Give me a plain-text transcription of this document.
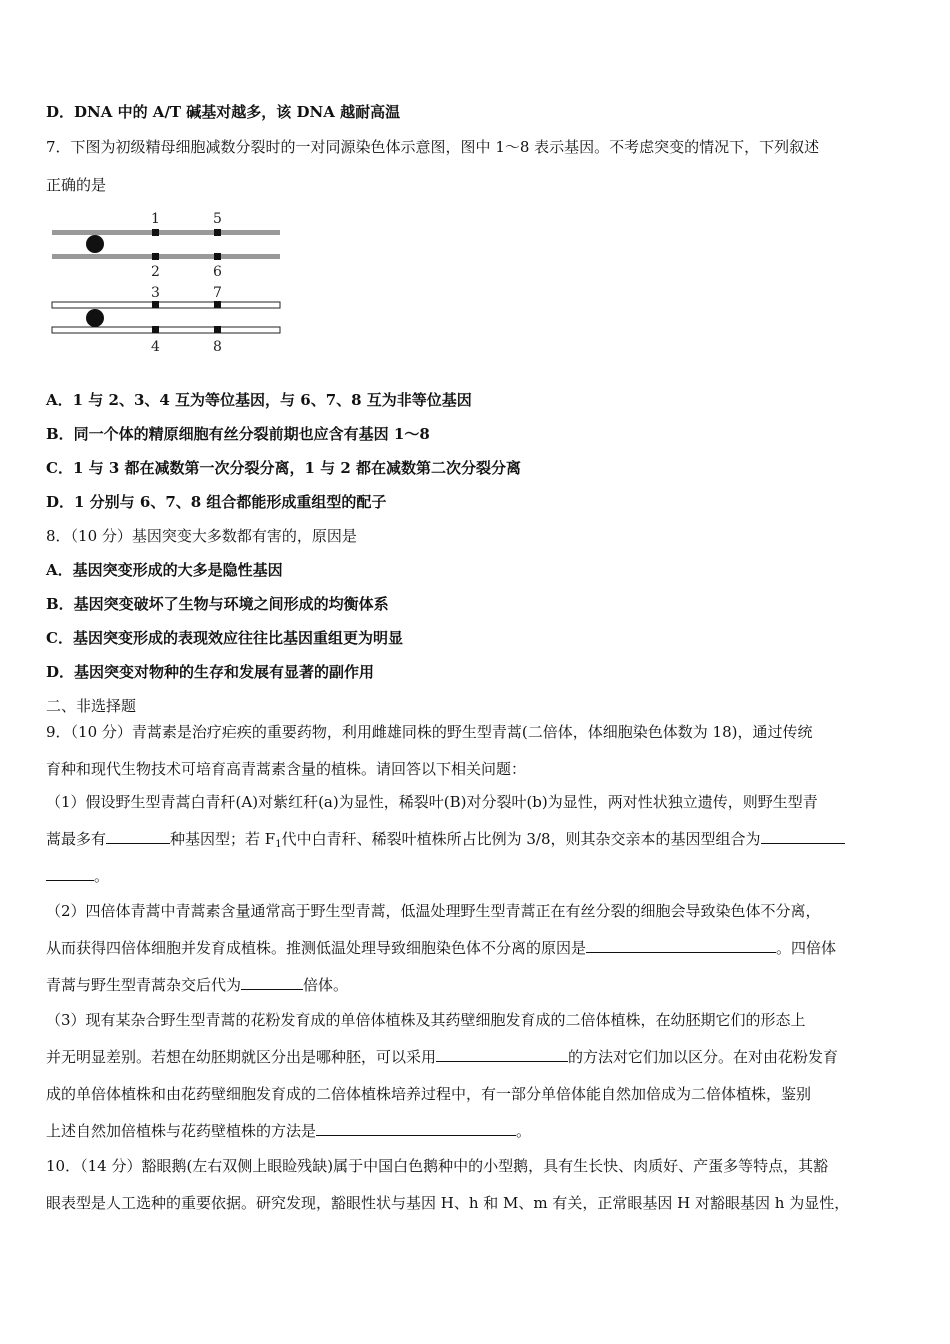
D．DNA 中的 A/T 碱基对越多，该 DNA 越耐高温
7．下图为初级精母细胞减数分裂时的一对同源染色体示意图，图中 1～8 表示基因。不考虑突变的情况下，下列叙述
正确的是
1	5
2	6
3	7
4	8
A．1 与 2、3、4 互为等位基因，与 6、7、8 互为非等位基因
B．同一个体的精原细胞有丝分裂前期也应含有基因 1～8
C．1 与 3 都在减数第一次分裂分离，1 与 2 都在减数第二次分裂分离
D．1 分别与 6、7、8 组合都能形成重组型的配子
8．（10 分）基因突变大多数都有害的，原因是
A．基因突变形成的大多是隐性基因
B．基因突变破坏了生物与环境之间形成的均衡体系
C．基因突变形成的表现效应往往比基因重组更为明显
D．基因突变对物种的生存和发展有显著的副作用
二、非选择题
9．（10 分）青蒿素是治疗疟疾的重要药物，利用雌雄同株的野生型青蒿(二倍体，体细胞染色体数为 18)，通过传统
育种和现代生物技术可培育高青蒿素含量的植株。请回答以下相关问题：
（1）假设野生型青蒿白青秆(A)对紫红秆(a)为显性，稀裂叶(B)对分裂叶(b)为显性，两对性状独立遗传，则野生型青
蒿最多有	种基因型；若 $F_1$代中白青秆、稀裂叶植株所占比例为 3/8，则其杂交亲本的基因型组合为
。
（2）四倍体青蒿中青蒿素含量通常高于野生型青蒿，低温处理野生型青蒿正在有丝分裂的细胞会导致染色体不分离，
从而获得四倍体细胞并发育成植株。推测低温处理导致细胞染色体不分离的原因是	。四倍体
青蒿与野生型青蒿杂交后代为	倍体。
（3）现有某杂合野生型青蒿的花粉发育成的单倍体植株及其药壁细胞发育成的二倍体植株，在幼胚期它们的形态上
并无明显差别。若想在幼胚期就区分出是哪种胚，可以采用	的方法对它们加以区分。在对由花粉发育
成的单倍体植株和由花药壁细胞发育成的二倍体植株培养过程中，有一部分单倍体能自然加倍成为二倍体植株，鉴别
上述自然加倍植株与花药壁植株的方法是	。
10．（14 分）豁眼鹅(左右双侧上眼睑残缺)属于中国白色鹅种中的小型鹅，具有生长快、肉质好、产蛋多等特点，其豁
眼表型是人工选种的重要依据。研究发现，豁眼性状与基因 H、h 和 M、m 有关，正常眼基因 H 对豁眼基因 h 为显性，
